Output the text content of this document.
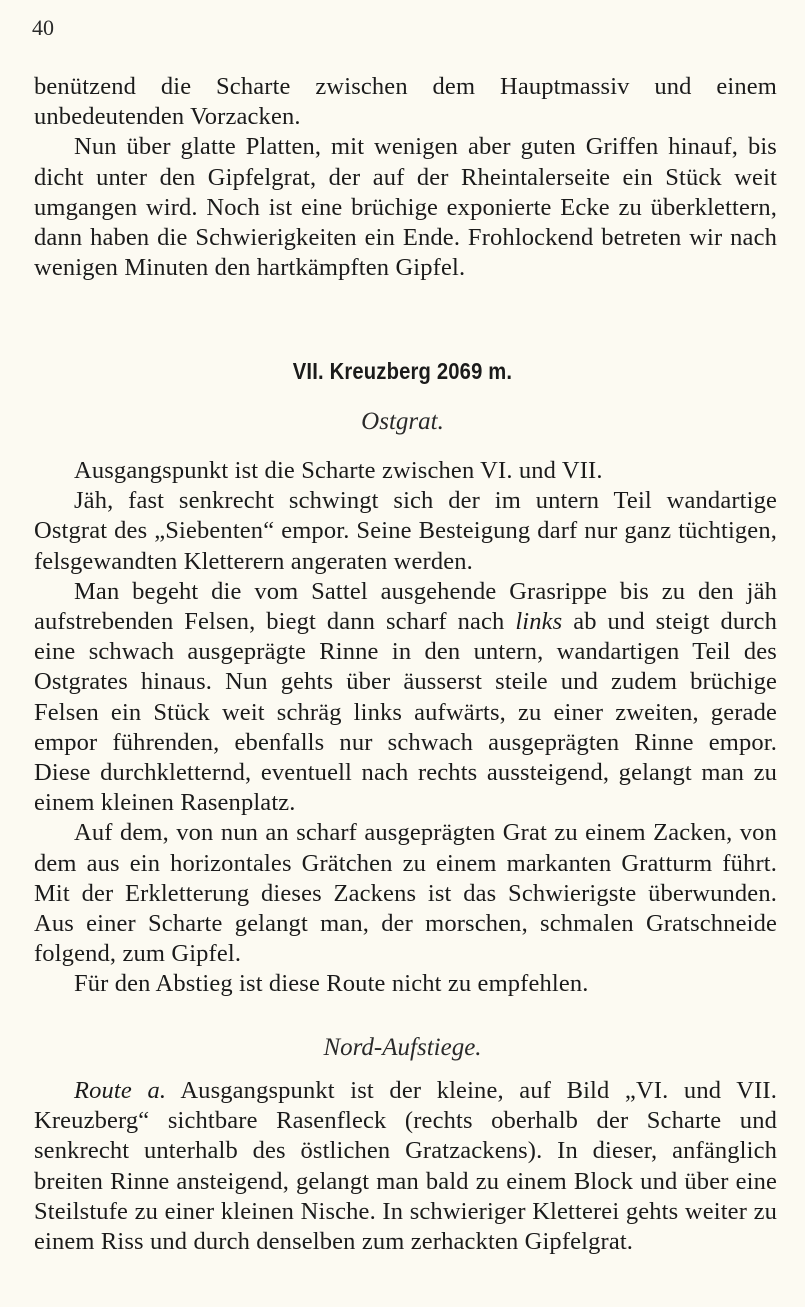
40

benützend die Scharte zwischen dem Hauptmassiv und einem unbedeutenden Vorzacken.

Nun über glatte Platten, mit wenigen aber guten Griffen hinauf, bis dicht unter den Gipfelgrat, der auf der Rheintalerseite ein Stück weit umgangen wird. Noch ist eine brüchige exponierte Ecke zu überklettern, dann haben die Schwierigkeiten ein Ende. Frohlockend betreten wir nach wenigen Minuten den hartkämpften Gipfel.

VII. Kreuzberg 2069 m.
Ostgrat.

Ausgangspunkt ist die Scharte zwischen VI. und VII.

Jäh, fast senkrecht schwingt sich der im untern Teil wandartige Ostgrat des „Siebenten“ empor. Seine Besteigung darf nur ganz tüchtigen, felsgewandten Kletterern angeraten werden.

Man begeht die vom Sattel ausgehende Grasrippe bis zu den jäh aufstrebenden Felsen, biegt dann scharf nach links ab und steigt durch eine schwach ausgeprägte Rinne in den untern, wandartigen Teil des Ostgrates hinaus. Nun gehts über äusserst steile und zudem brüchige Felsen ein Stück weit schräg links aufwärts, zu einer zweiten, gerade empor führenden, ebenfalls nur schwach ausgeprägten Rinne empor. Diese durchkletternd, eventuell nach rechts aussteigend, gelangt man zu einem kleinen Rasenplatz.

Auf dem, von nun an scharf ausgeprägten Grat zu einem Zacken, von dem aus ein horizontales Grätchen zu einem markanten Gratturm führt. Mit der Erkletterung dieses Zackens ist das Schwierigste überwunden. Aus einer Scharte gelangt man, der morschen, schmalen Gratschneide folgend, zum Gipfel.

Für den Abstieg ist diese Route nicht zu empfehlen.

Nord-Aufstiege.

Route a. Ausgangspunkt ist der kleine, auf Bild „VI. und VII. Kreuzberg“ sichtbare Rasenfleck (rechts oberhalb der Scharte und senkrecht unterhalb des östlichen Gratzackens). In dieser, anfänglich breiten Rinne ansteigend, gelangt man bald zu einem Block und über eine Steilstufe zu einer kleinen Nische. In schwieriger Kletterei gehts weiter zu einem Riss und durch denselben zum zerhackten Gipfelgrat.
